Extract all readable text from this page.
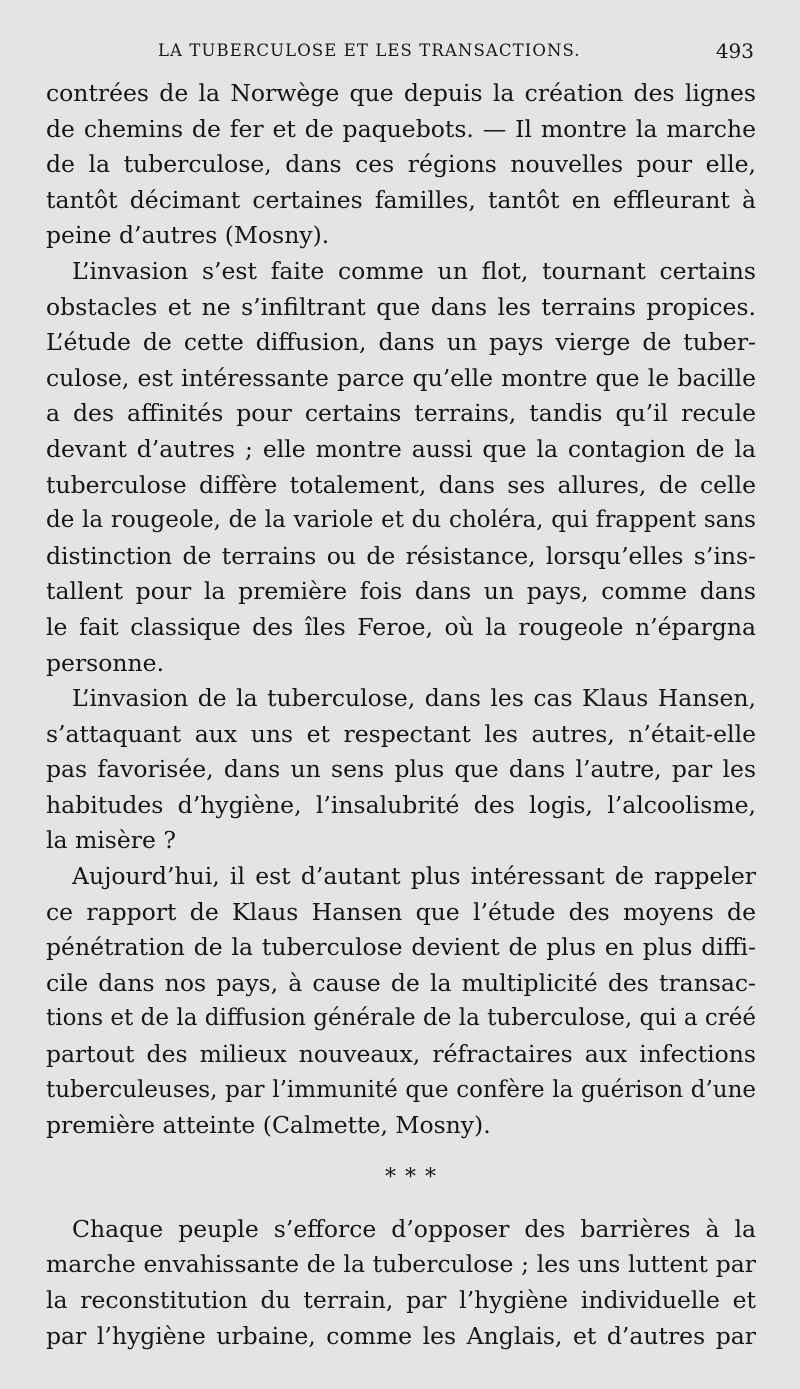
LA TUBERCULOSE ET LES TRANSACTIONS.	493
contrées de la Norwège que depuis la création des lignes
de chemins de fer et de paquebots. — Il montre la marche
de la tuberculose, dans ces régions nouvelles pour elle,
tantôt décimant certaines familles, tantôt en effleurant à
peine d’autres (Mosny).
L’invasion s’est faite comme un flot, tournant certains
obstacles et ne s’infiltrant que dans les terrains propices.
L’étude de cette diffusion, dans un pays vierge de tuber-
culose, est intéressante parce qu’elle montre que le bacille
a des affinités pour certains terrains, tandis qu’il recule
devant d’autres ; elle montre aussi que la contagion de la
tuberculose diffère totalement, dans ses allures, de celle
de la rougeole, de la variole et du choléra, qui frappent sans
distinction de terrains ou de résistance, lorsqu’elles s’ins-
tallent pour la première fois dans un pays, comme dans
le fait classique des îles Feroe, où la rougeole n’épargna
personne.
L’invasion de la tuberculose, dans les cas Klaus Hansen,
s’attaquant aux uns et respectant les autres, n’était-elle
pas favorisée, dans un sens plus que dans l’autre, par les
habitudes d’hygiène, l’insalubrité des logis, l’alcoolisme,
la misère ?
Aujourd’hui, il est d’autant plus intéressant de rappeler
ce rapport de Klaus Hansen que l’étude des moyens de
pénétration de la tuberculose devient de plus en plus diffi-
cile dans nos pays, à cause de la multiplicité des transac-
tions et de la diffusion générale de la tuberculose, qui a créé
partout des milieux nouveaux, réfractaires aux infections
tuberculeuses, par l’immunité que confère la guérison d’une
première atteinte (Calmette, Mosny).
* * *
Chaque peuple s’efforce d’opposer des barrières à la
marche envahissante de la tuberculose ; les uns luttent par
la reconstitution du terrain, par l’hygiène individuelle et
par l’hygiène urbaine, comme les Anglais, et d’autres par
